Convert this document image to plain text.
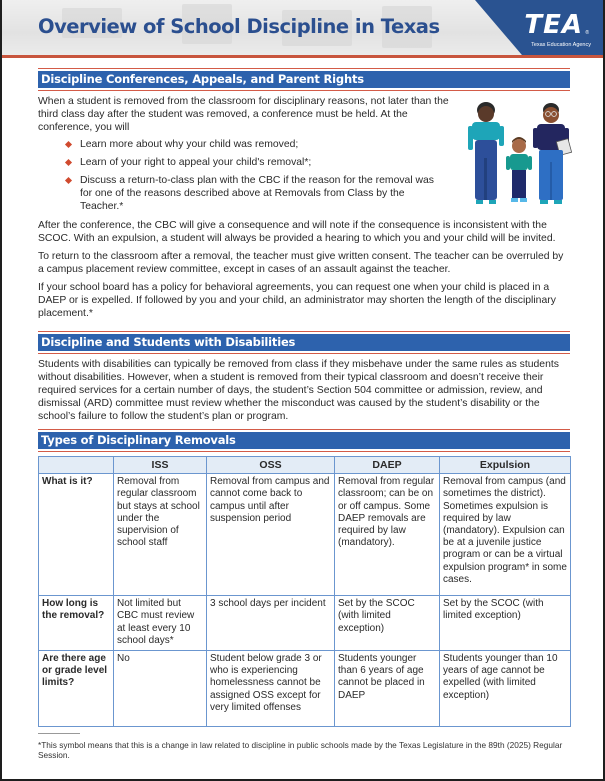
Overview of School Discipline in Texas	TEA ®
Texas Education Agency
Discipline Conferences, Appeals, and Parent Rights

When a student is removed from the classroom for disciplinary reasons, not later than the third class day after the student was removed, a conference must be held. At the conference, you will

Learn more about why your child was removed;
Learn of your right to appeal your child's removal*;
Discuss a return-to-class plan with the CBC if the reason for the removal was for one of the reasons described above at Removals from Class by the Teacher.*

After the conference, the CBC will give a consequence and will note if the consequence is inconsistent with the SCOC. With an expulsion, a student will always be provided a hearing to which you and your child will be invited.

To return to the classroom after a removal, the teacher must give written consent. The teacher can be overruled by a campus placement review committee, except in cases of an assault against the teacher.

If your school board has a policy for behavioral agreements, you can request one when your child is placed in a DAEP or is expelled. If followed by you and your child, an administrator may shorten the length of the disciplinary placement.*

Discipline and Students with Disabilities

Students with disabilities can typically be removed from class if they misbehave under the same rules as students without disabilities. However, when a student is removed from their typical classroom and doesn’t receive their required services for a certain number of days, the student’s Section 504 committee or admission, review, and dismissal (ARD) committee must review whether the misconduct was caused by the student’s disability or the school’s failure to follow the student’s plan or program.

Types of Disciplinary Removals
	ISS	OSS	DAEP	Expulsion
What is it?	Removal from regular classroom but stays at school under the supervision of school staff	Removal from campus and cannot come back to campus until after suspension period	Removal from regular classroom; can be on or off campus. Some DAEP removals are required by law (mandatory).	Removal from campus (and sometimes the district). Sometimes expulsion is required by law (mandatory). Expulsion can be at a juvenile justice program or can be a virtual expulsion program* in some cases.
How long is the removal?	Not limited but CBC must review at least every 10 school days*	3 school days per incident	Set by the SCOC (with limited exception)	Set by the SCOC (with limited exception)
Are there age or grade level limits?	No	Student below grade 3 or who is experiencing homelessness cannot be assigned OSS except for very limited offenses	Students younger than 6 years of age cannot be placed in DAEP	Students younger than 10 years of age cannot be expelled (with limited exception)
*This symbol means that this is a change in law related to discipline in public schools made by the Texas Legislature in the 89th (2025) Regular Session.
